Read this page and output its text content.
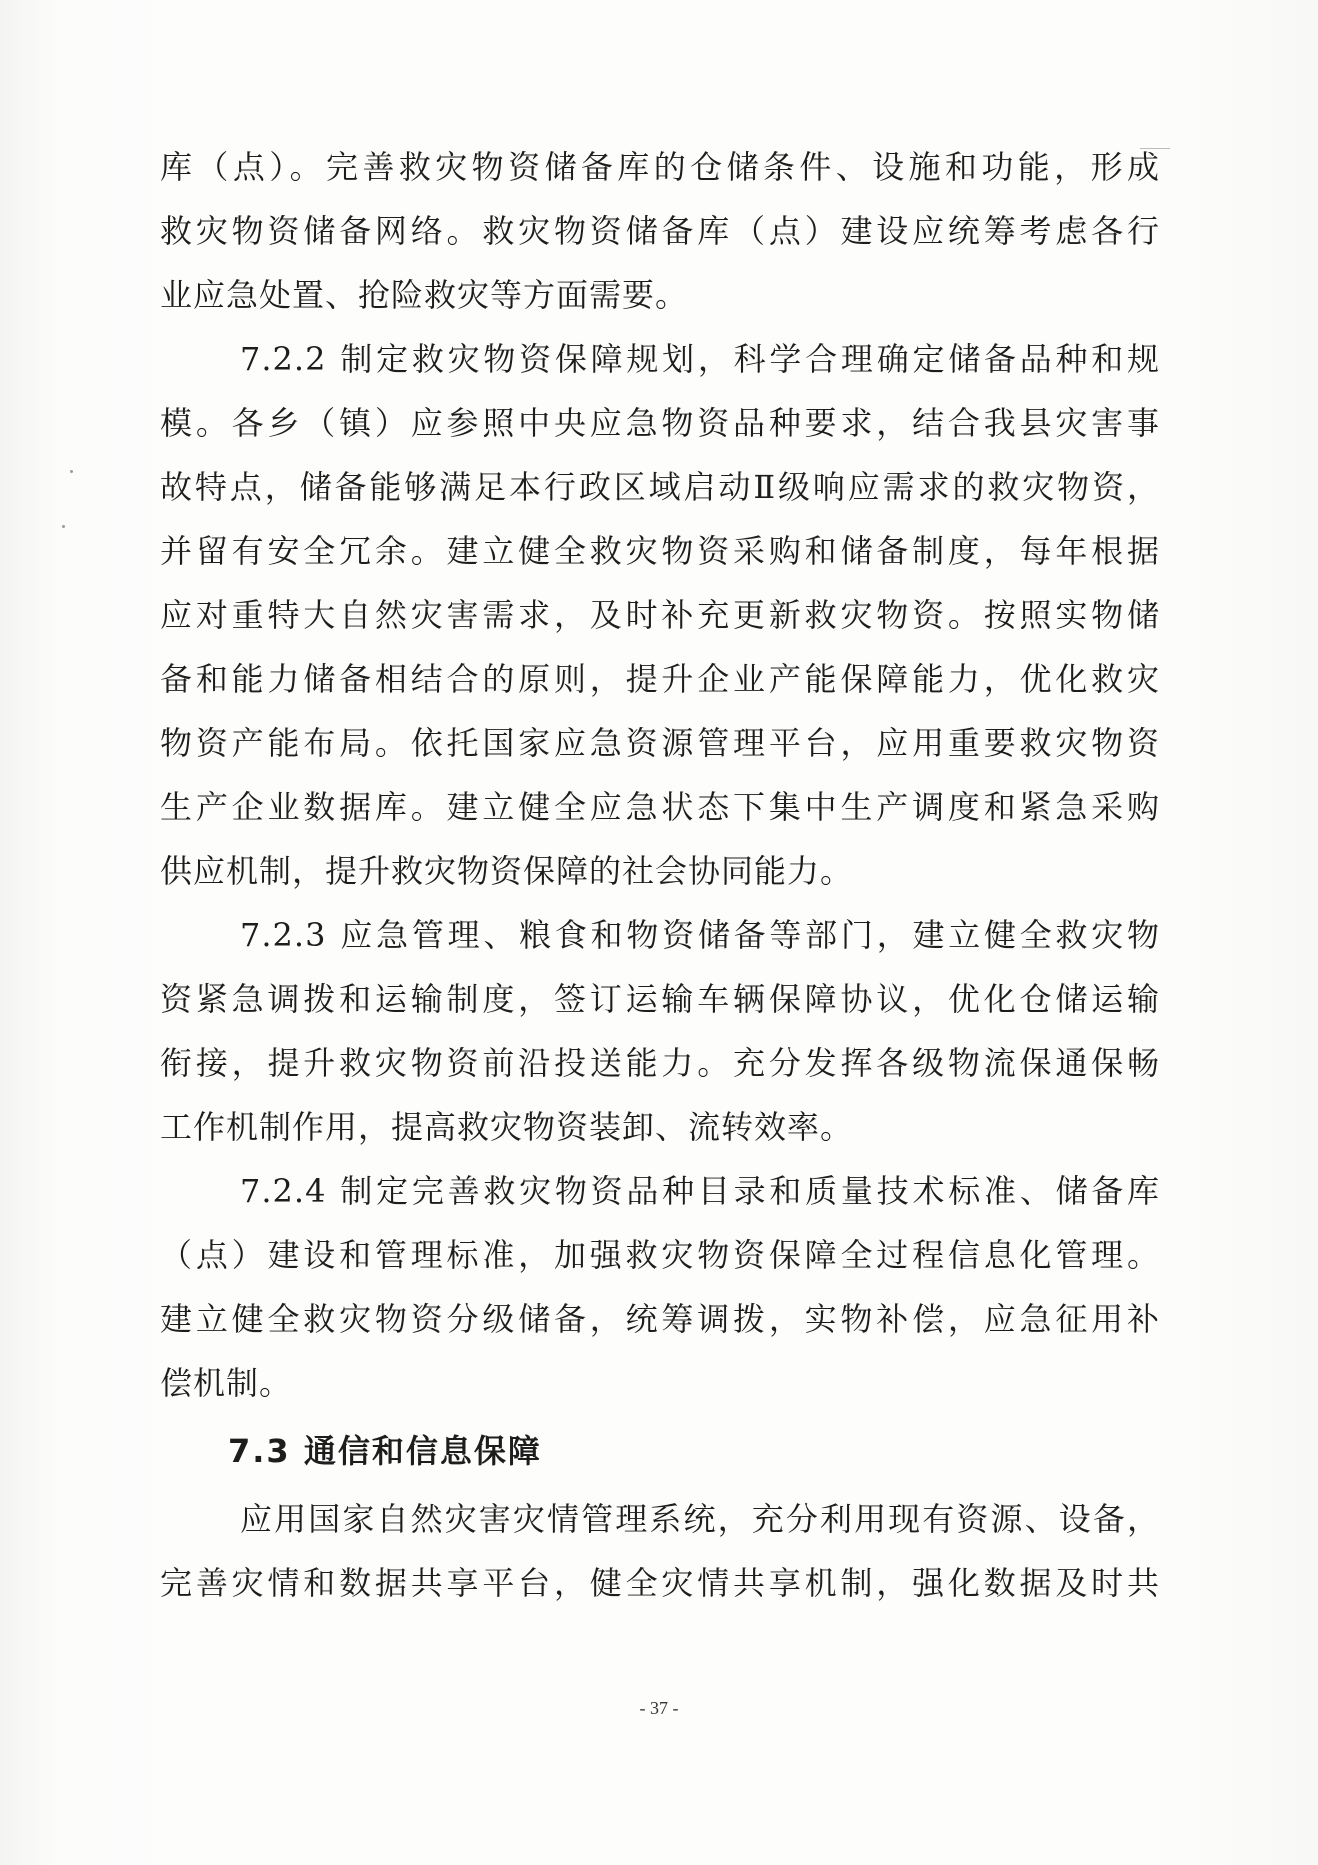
库（点）。完善救灾物资储备库的仓储条件、设施和功能，形成
救灾物资储备网络。救灾物资储备库（点）建设应统筹考虑各行
业应急处置、抢险救灾等方面需要。
7.2.2 制定救灾物资保障规划，科学合理确定储备品种和规
模。各乡（镇）应参照中央应急物资品种要求，结合我县灾害事
故特点，储备能够满足本行政区域启动Ⅱ级响应需求的救灾物资，
并留有安全冗余。建立健全救灾物资采购和储备制度，每年根据
应对重特大自然灾害需求，及时补充更新救灾物资。按照实物储
备和能力储备相结合的原则，提升企业产能保障能力，优化救灾
物资产能布局。依托国家应急资源管理平台，应用重要救灾物资
生产企业数据库。建立健全应急状态下集中生产调度和紧急采购
供应机制，提升救灾物资保障的社会协同能力。
7.2.3 应急管理、粮食和物资储备等部门，建立健全救灾物
资紧急调拨和运输制度，签订运输车辆保障协议，优化仓储运输
衔接，提升救灾物资前沿投送能力。充分发挥各级物流保通保畅
工作机制作用，提高救灾物资装卸、流转效率。
7.2.4 制定完善救灾物资品种目录和质量技术标准、储备库
（点）建设和管理标准，加强救灾物资保障全过程信息化管理。
建立健全救灾物资分级储备，统筹调拨，实物补偿，应急征用补
偿机制。
7.3 通信和信息保障
应用国家自然灾害灾情管理系统，充分利用现有资源、设备，
完善灾情和数据共享平台，健全灾情共享机制，强化数据及时共
- 37 -
